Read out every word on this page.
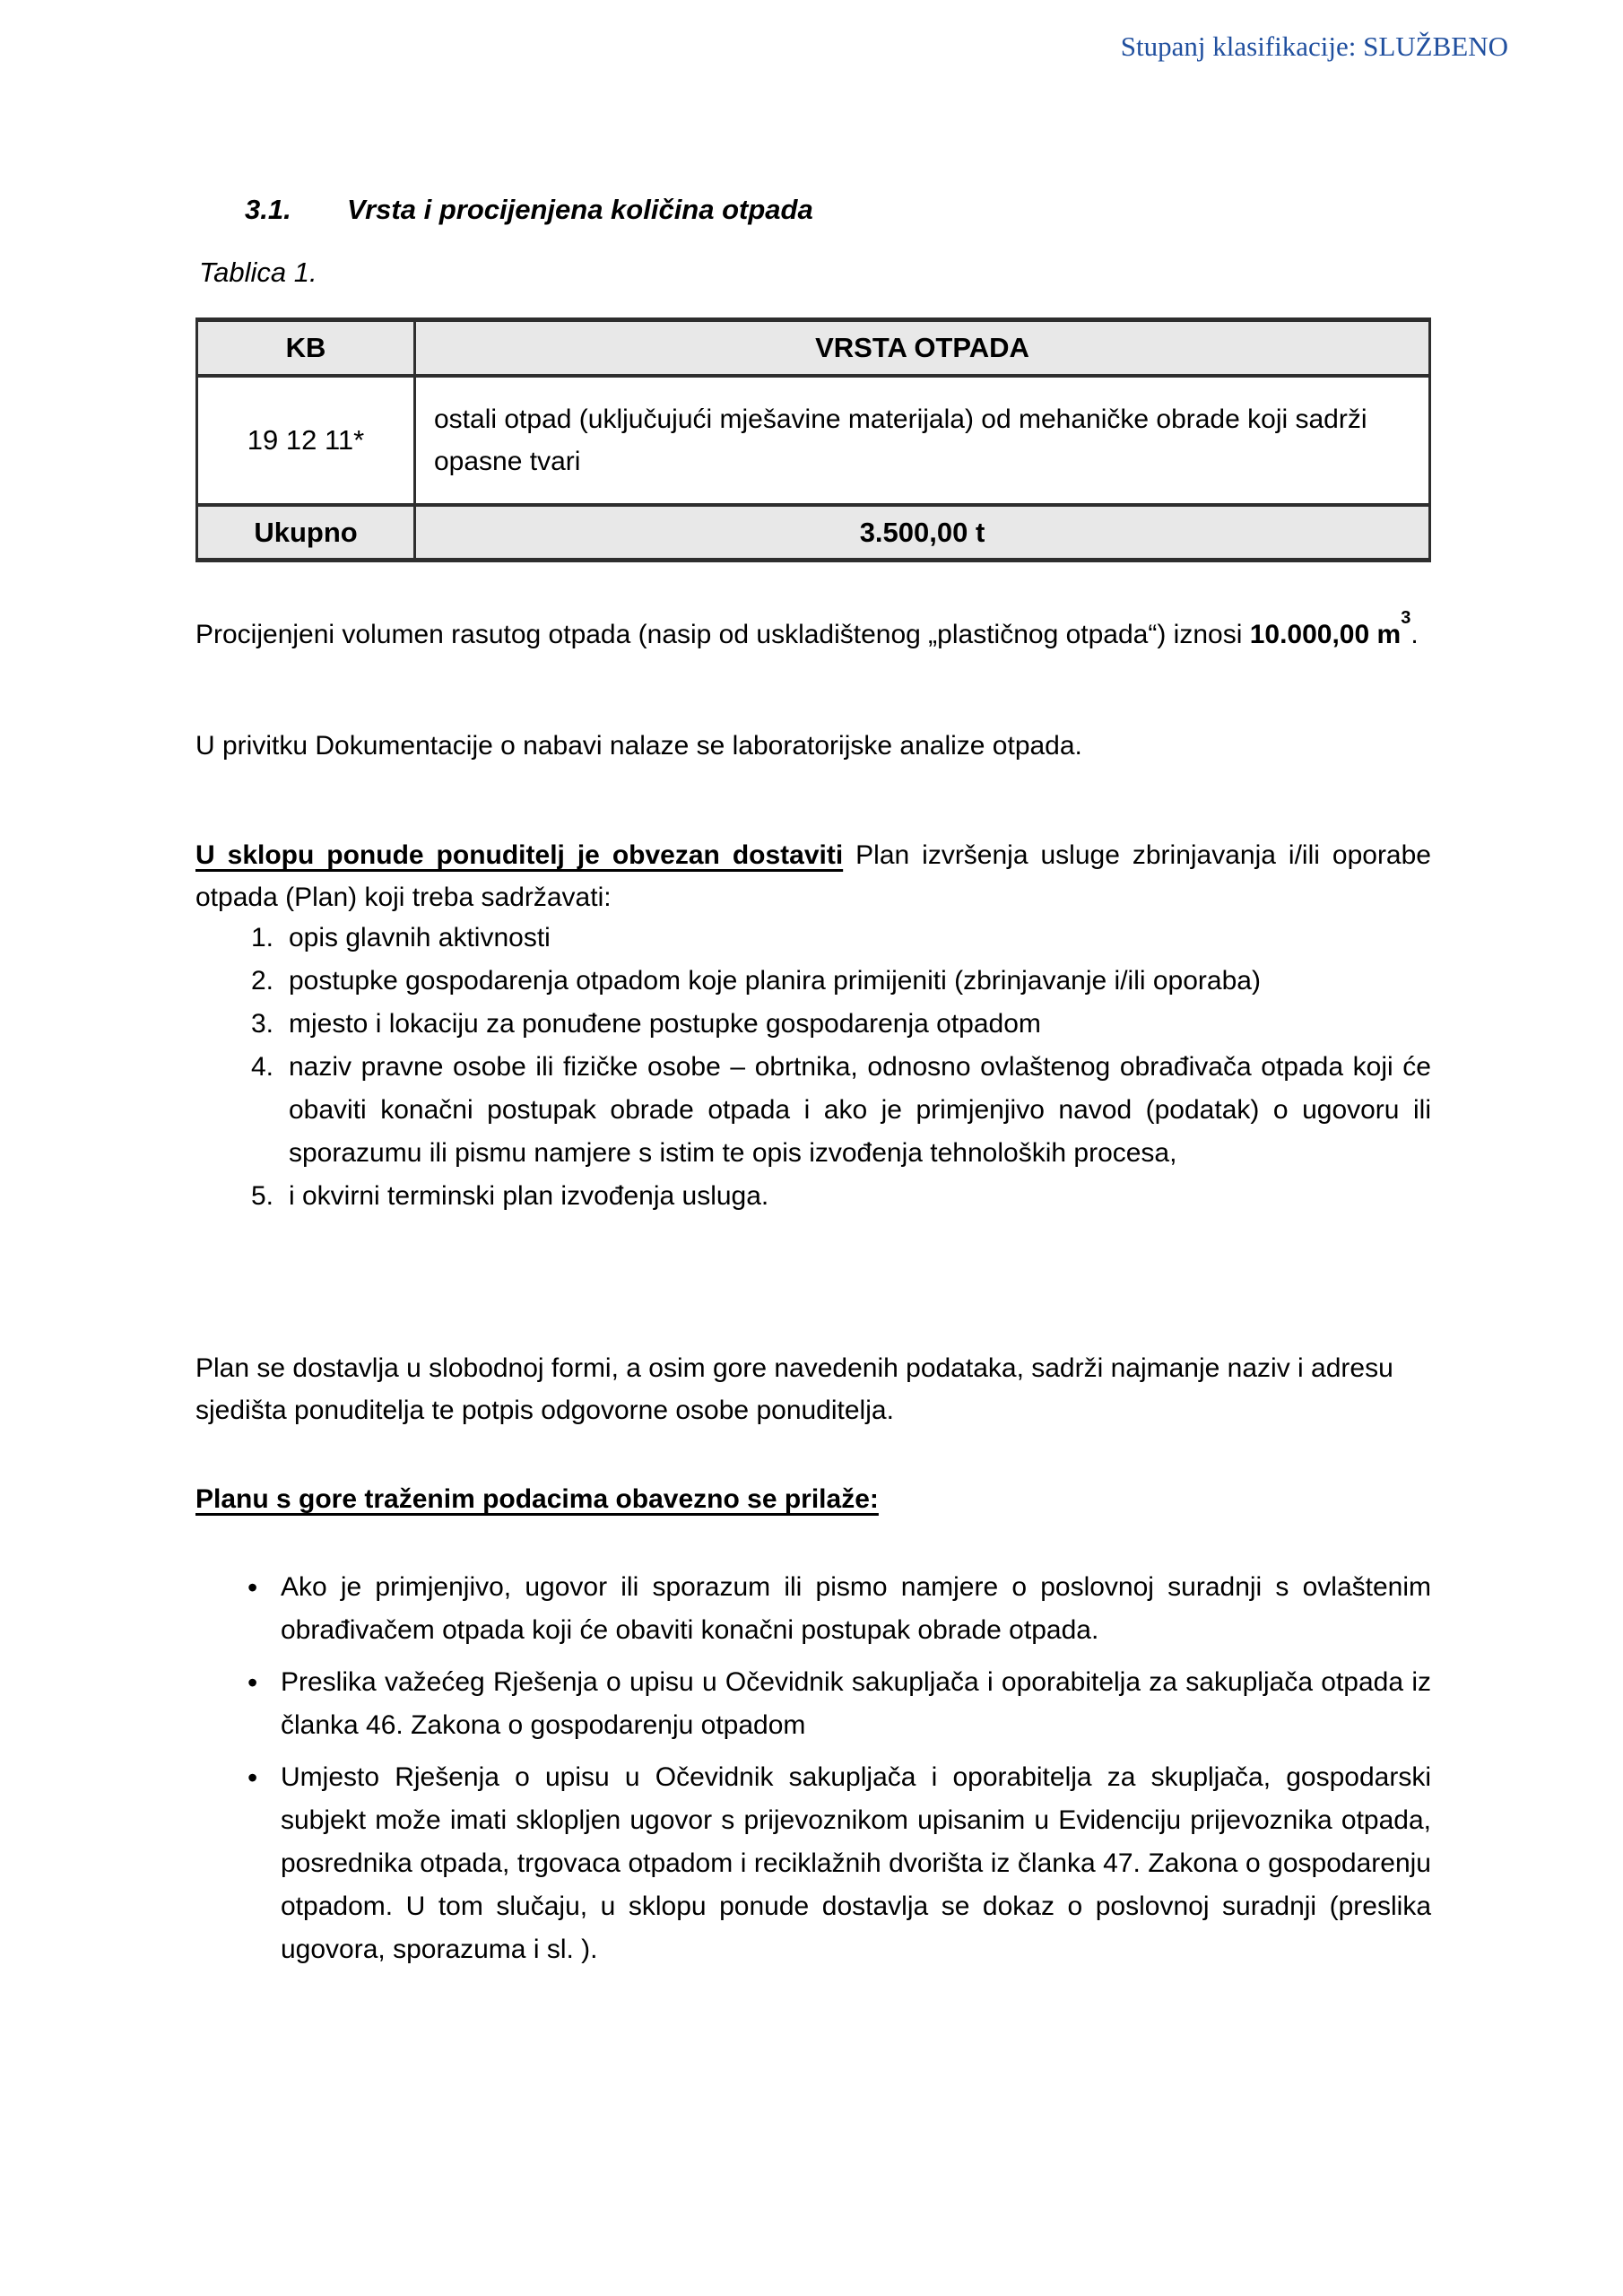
Stupanj klasifikacije: SLUŽBENO
3.1. Vrsta i procijenjena količina otpada
Tablica 1.
KB	VRSTA OTPADA
19 12 11*	ostali otpad (uključujući mješavine materijala) od mehaničke obrade koji sadrži opasne tvari
Ukupno	3.500,00 t

Procijenjeni volumen rasutog otpada (nasip od uskladištenog „plastičnog otpada“) iznosi 10.000,00 $m^3$.

U privitku Dokumentacije o nabavi nalaze se laboratorijske analize otpada.

U sklopu ponude ponuditelj je obvezan dostaviti Plan izvršenja usluge zbrinjavanja i/ili oporabe otpada (Plan) koji treba sadržavati:

1. opis glavnih aktivnosti
2. postupke gospodarenja otpadom koje planira primijeniti (zbrinjavanje i/ili oporaba)
3. mjesto i lokaciju za ponuđene postupke gospodarenja otpadom
4. naziv pravne osobe ili fizičke osobe – obrtnika, odnosno ovlaštenog obrađivača otpada koji će obaviti konačni postupak obrade otpada i ako je primjenjivo navod (podatak) o ugovoru ili sporazumu ili pismu namjere s istim te opis izvođenja tehnoloških procesa,
5. i okvirni terminski plan izvođenja usluga.

Plan se dostavlja u slobodnoj formi, a osim gore navedenih podataka, sadrži najmanje naziv i adresu sjedišta ponuditelja te potpis odgovorne osobe ponuditelja.

Planu s gore traženim podacima obavezno se prilaže:

• Ako je primjenjivo, ugovor ili sporazum ili pismo namjere o poslovnoj suradnji s ovlaštenim obrađivačem otpada koji će obaviti konačni postupak obrade otpada.
• Preslika važećeg Rješenja o upisu u Očevidnik sakupljača i oporabitelja za sakupljača otpada iz članka 46. Zakona o gospodarenju otpadom
• Umjesto Rješenja o upisu u Očevidnik sakupljača i oporabitelja za skupljača, gospodarski subjekt može imati sklopljen ugovor s prijevoznikom upisanim u Evidenciju prijevoznika otpada, posrednika otpada, trgovaca otpadom i reciklažnih dvorišta iz članka 47. Zakona o gospodarenju otpadom. U tom slučaju, u sklopu ponude dostavlja se dokaz o poslovnoj suradnji (preslika ugovora, sporazuma i sl. ).
